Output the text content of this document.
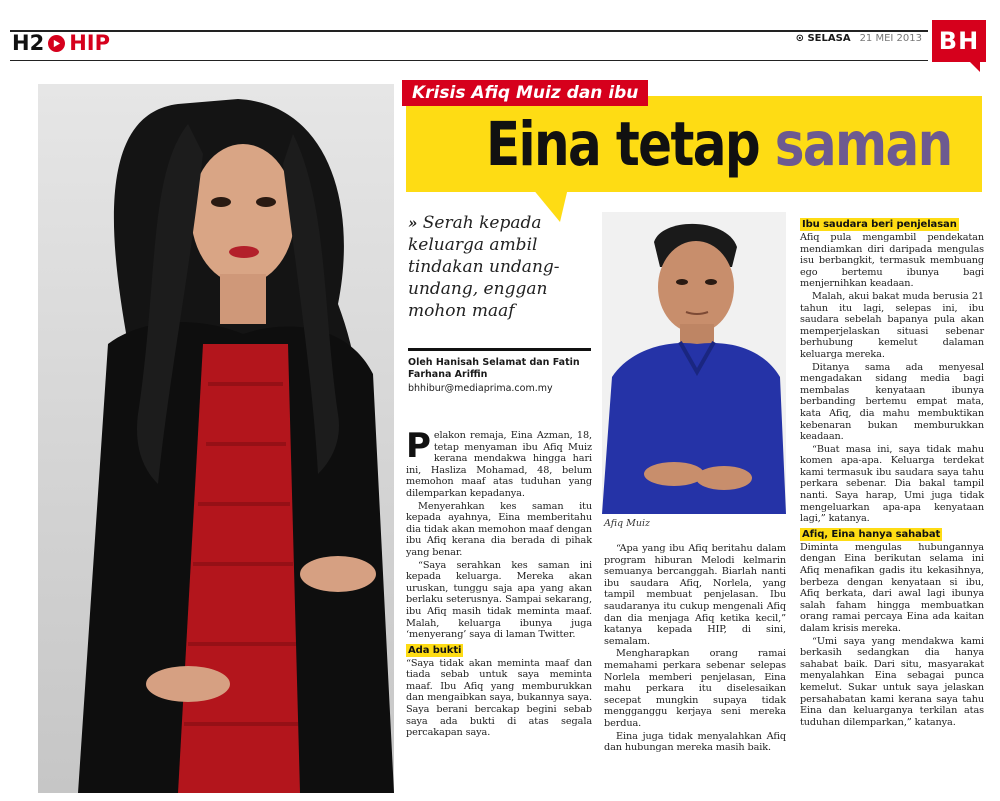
H2 HIP	⊙ SELASA 21 MEI 2013 BH
Krisis Afiq Muiz dan ibu
Eina tetap saman
» Serah kepada keluarga ambil tindakan undang-undang, enggan mohon maaf
Oleh Hanisah Selamat dan Fatin Farhana Ariffin
bhhibur@mediaprima.com.my

Pelakon remaja, Eina Azman, 18, tetap menyaman ibu Afiq Muiz kerana mendakwa hingga hari ini, Hasliza Mohamad, 48, belum memohon maaf atas tuduhan yang dilemparkan kepadanya.

Menyerahkan kes saman itu kepada ayahnya, Eina memberitahu dia tidak akan memohon maaf dengan ibu Afiq kerana dia berada di pihak yang benar.

“Saya serahkan kes saman ini kepada keluarga. Mereka akan uruskan, tunggu saja apa yang akan berlaku seterusnya. Sampai sekarang, ibu Afiq masih tidak meminta maaf. Malah, keluarga ibunya juga ‘menyerang’ saya di laman Twitter.

Ada bukti

“Saya tidak akan meminta maaf dan tiada sebab untuk saya meminta maaf. Ibu Afiq yang memburukkan dan mengaibkan saya, bukannya saya. Saya berani bercakap begini sebab saya ada bukti di atas segala percakapan saya.

Afiq Muiz

“Apa yang ibu Afiq beritahu dalam program hiburan Melodi kelmarin semuanya bercanggah. Biarlah nanti ibu saudara Afiq, Norlela, yang tampil membuat penjelasan. Ibu saudaranya itu cukup mengenali Afiq dan dia menjaga Afiq ketika kecil,” katanya kepada HIP, di sini, semalam.

Mengharapkan orang ramai memahami perkara sebenar selepas Norlela memberi penjelasan, Eina mahu perkara itu diselesaikan secepat mungkin supaya tidak mengganggu kerjaya seni mereka berdua.

Eina juga tidak menyalahkan Afiq dan hubungan mereka masih baik.

Ibu saudara beri penjelasan

Afiq pula mengambil pendekatan mendiamkan diri daripada mengulas isu berbangkit, termasuk membuang ego bertemu ibunya bagi menjernihkan keadaan.

Malah, akui bakat muda berusia 21 tahun itu lagi, selepas ini, ibu saudara sebelah bapanya pula akan memperjelaskan situasi sebenar berhubung kemelut dalaman keluarga mereka.

Ditanya sama ada menyesal mengadakan sidang media bagi membalas kenyataan ibunya berbanding bertemu empat mata, kata Afiq, dia mahu membuktikan kebenaran bukan memburukkan keadaan.

“Buat masa ini, saya tidak mahu komen apa-apa. Keluarga terdekat kami termasuk ibu saudara saya tahu perkara sebenar. Dia bakal tampil nanti. Saya harap, Umi juga tidak mengeluarkan apa-apa kenyataan lagi,” katanya.

Afiq, Eina hanya sahabat

Diminta mengulas hubungannya dengan Eina berikutan selama ini Afiq menafikan gadis itu kekasihnya, berbeza dengan kenyataan si ibu, Afiq berkata, dari awal lagi ibunya salah faham hingga membuatkan orang ramai percaya Eina ada kaitan dalam krisis mereka.

“Umi saya yang mendakwa kami berkasih sedangkan dia hanya sahabat baik. Dari situ, masyarakat menyalahkan Eina sebagai punca kemelut. Sukar untuk saya jelaskan persahabatan kami kerana saya tahu Eina dan keluarganya terkilan atas tuduhan dilemparkan,” katanya.
